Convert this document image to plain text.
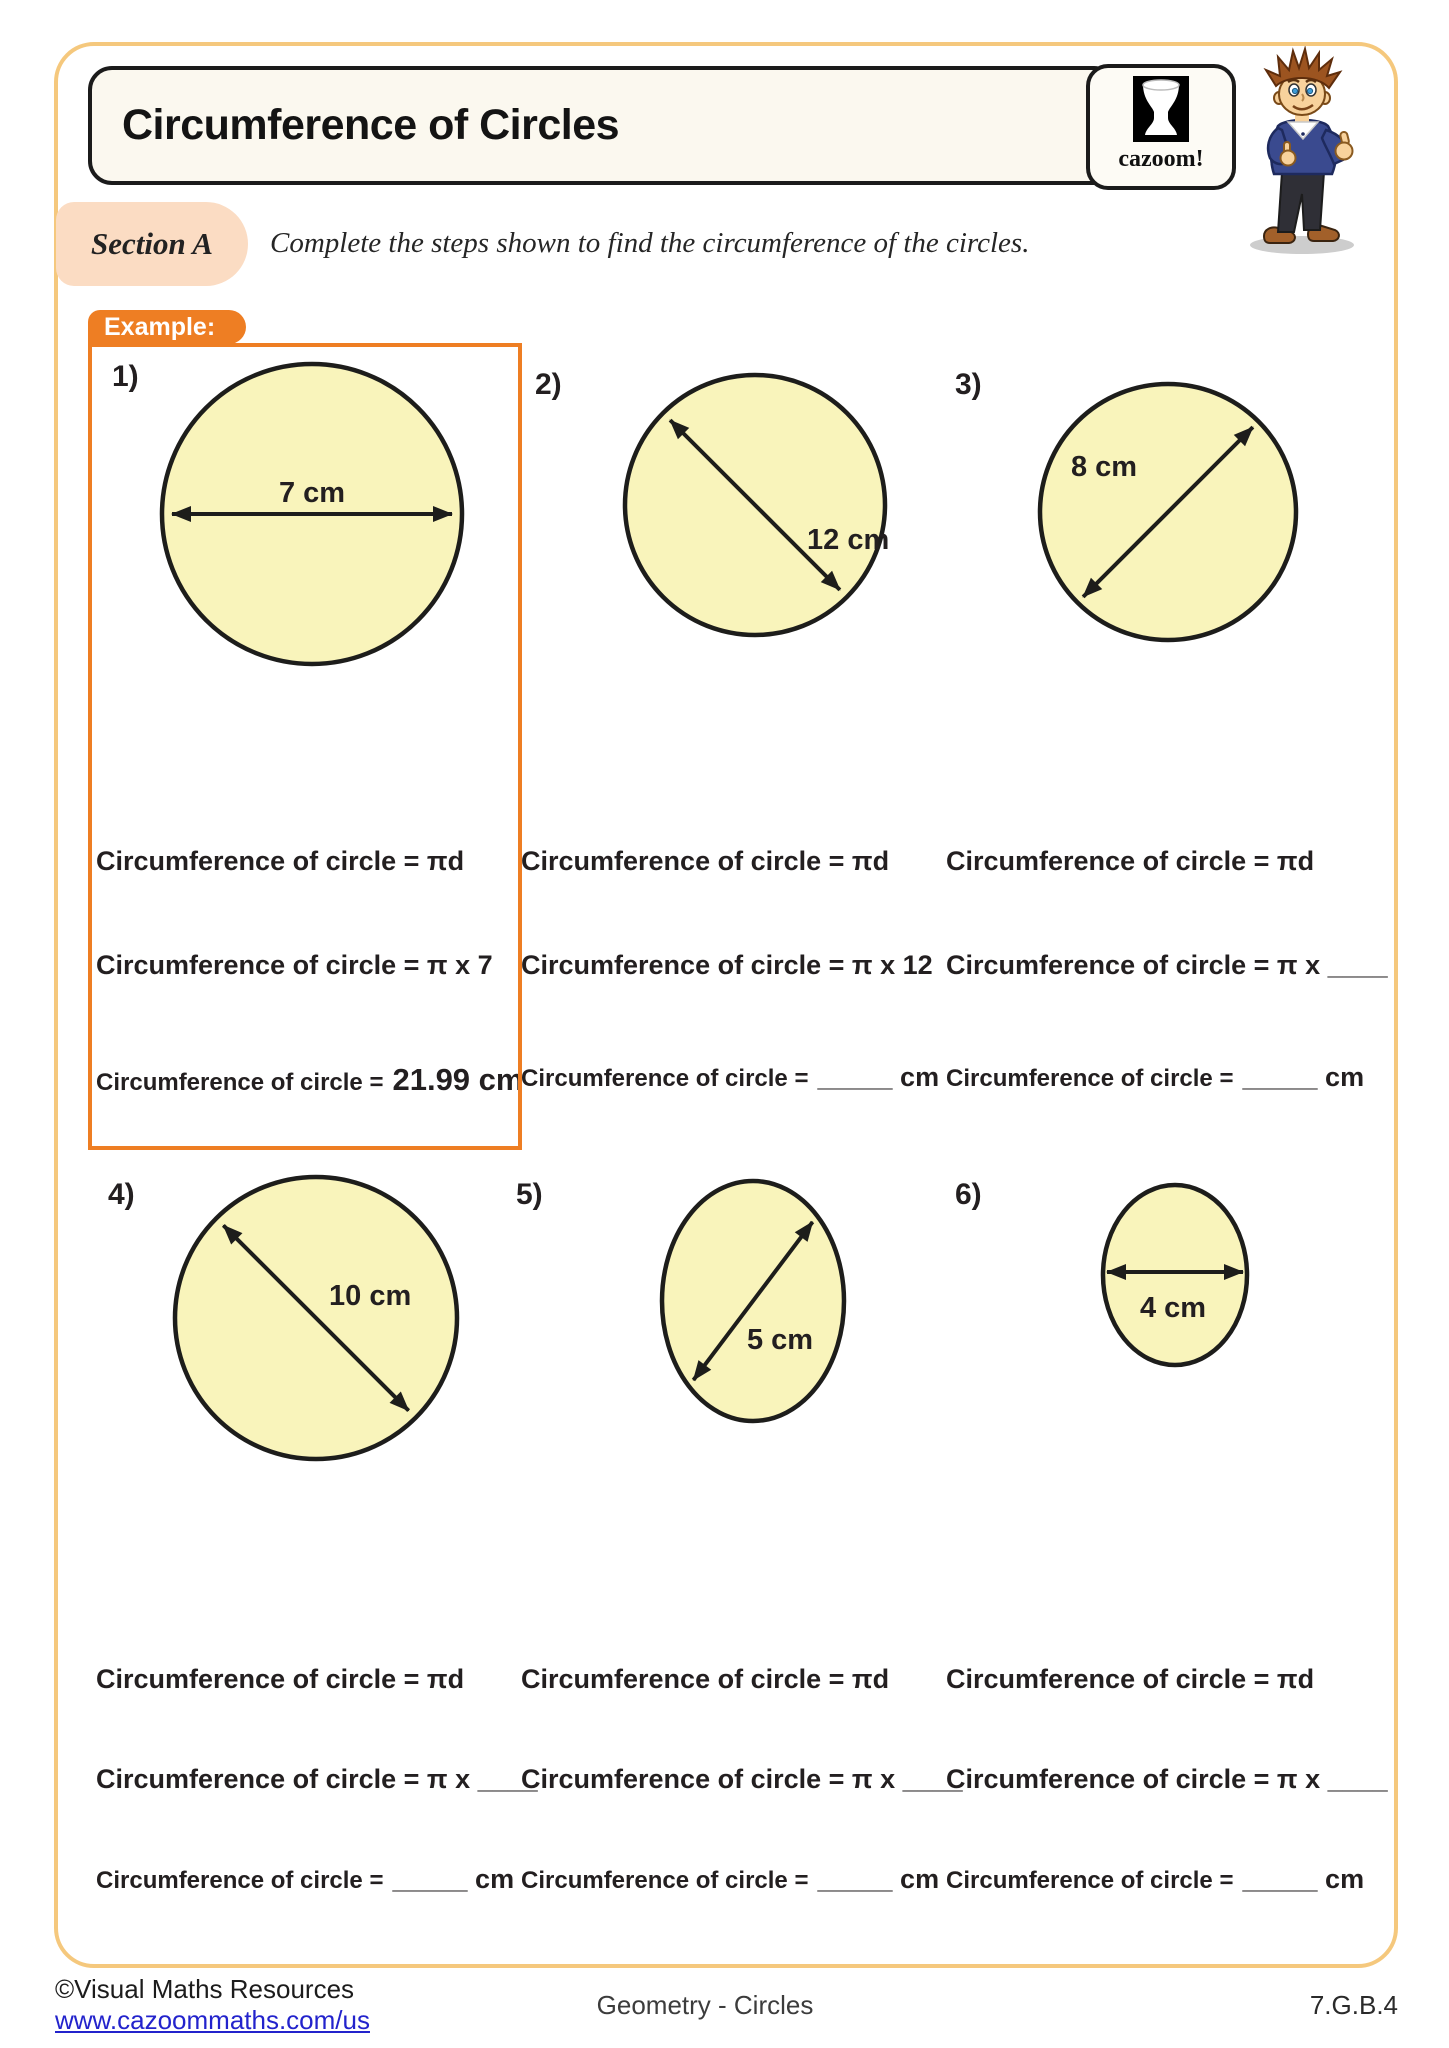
Circumference of Circles
cazoom!
Section A Complete the steps shown to find the circumference of the circles.
Example:
1)	2)	3)
4)	5)	6)
7 cm
12 cm
8 cm
10 cm
5 cm
4 cm
Circumference of circle = πd Circumference of circle = πd Circumference of circle = πd
Circumference of circle = π x 7 Circumference of circle = π x 12 Circumference of circle = π x ____
Circumference of circle = 21.99 cm
Circumference of circle = _____ cm Circumference of circle = _____ cm
Circumference of circle = πd Circumference of circle = πd Circumference of circle = πd
Circumference of circle = π x ____
Circumference of circle = π x ____
Circumference of circle = π x ____
Circumference of circle = _____ cm Circumference of circle = _____ cm Circumference of circle = _____ cm
©Visual Maths Resources
www.cazoommaths.com/us	Geometry - Circles	7.G.B.4
